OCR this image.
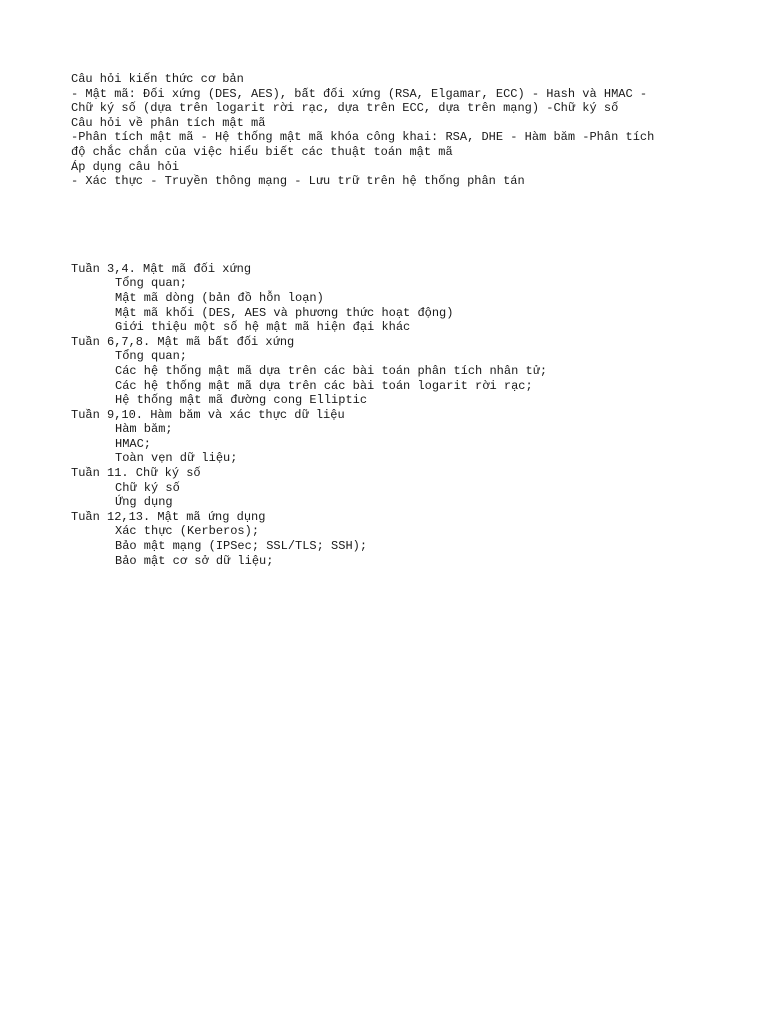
Câu hỏi kiến thức cơ bản
- Mật mã: Đối xứng (DES, AES), bất đối xứng (RSA, Elgamar, ECC) - Hash và HMAC -
Chữ ký số (dựa trên logarit rời rạc, dựa trên ECC, dựa trên mạng) -Chữ ký số
Câu hỏi về phân tích mật mã
-Phân tích mật mã - Hệ thống mật mã khóa công khai: RSA, DHE - Hàm băm -Phân tích
độ chắc chắn của việc hiểu biết các thuật toán mật mã
Áp dụng câu hỏi
- Xác thực - Truyền thông mạng - Lưu trữ trên hệ thống phân tán
Tuần 3,4. Mật mã đối xứng
Tổng quan;
Mật mã dòng (bản đồ hỗn loạn)
Mật mã khối (DES, AES và phương thức hoạt động)
Giới thiệu một số hệ mật mã hiện đại khác
Tuần 6,7,8. Mật mã bất đối xứng
Tổng quan;
Các hệ thống mật mã dựa trên các bài toán phân tích nhân tử;
Các hệ thống mật mã dựa trên các bài toán logarit rời rạc;
Hệ thống mật mã đường cong Elliptic
Tuần 9,10. Hàm băm và xác thực dữ liệu
Hàm băm;
HMAC;
Toàn vẹn dữ liệu;
Tuần 11. Chữ ký số
Chữ ký số
Ứng dụng
Tuần 12,13. Mật mã ứng dụng
Xác thực (Kerberos);
Bảo mật mạng (IPSec; SSL/TLS; SSH);
Bảo mật cơ sở dữ liệu;
